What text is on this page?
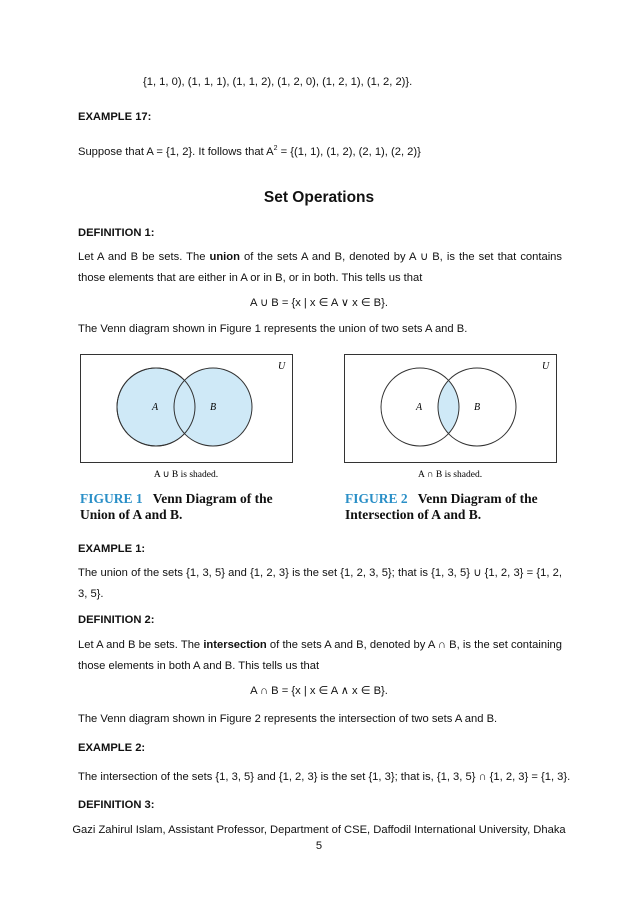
{1, 1, 0), (1, 1, 1), (1, 1, 2), (1, 2, 0), (1, 2, 1), (1, 2, 2)}.
EXAMPLE 17:
Suppose that A = {1, 2}. It follows that $A^2 = \{(1$, 1), (1, 2), (2, 1), (2, 2)}
Set Operations
DEFINITION 1:
Let A and B be sets. The union of the sets A and B, denoted by A ∪ B, is the set that contains those elements that are either in A or in B, or in both. This tells us that
A ∪ B = {x | x ∈ A ∨ x ∈ B}.
The Venn diagram shown in Figure 1 represents the union of two sets A and B.
U
A	B
A ∪ B is shaded.
U
A	B
A ∩ B is shaded.
FIGURE 1 Venn Diagram of the
Union of A and B.
FIGURE 2 Venn Diagram of the
Intersection of A and B.
EXAMPLE 1:
The union of the sets {1, 3, 5} and {1, 2, 3} is the set {1, 2, 3, 5}; that is {1, 3, 5} ∪ {1, 2, 3} = {1, 2, 3, 5}.
DEFINITION 2:
Let A and B be sets. The intersection of the sets A and B, denoted by A ∩ B, is the set containing those elements in both A and B. This tells us that
A ∩ B = {x | x ∈ A ∧ x ∈ B}.
The Venn diagram shown in Figure 2 represents the intersection of two sets A and B.
EXAMPLE 2:
The intersection of the sets {1, 3, 5} and {1, 2, 3} is the set {1, 3}; that is, {1, 3, 5} ∩ {1, 2, 3} = {1, 3}.
DEFINITION 3:
Gazi Zahirul Islam, Assistant Professor, Department of CSE, Daffodil International University, Dhaka
5
